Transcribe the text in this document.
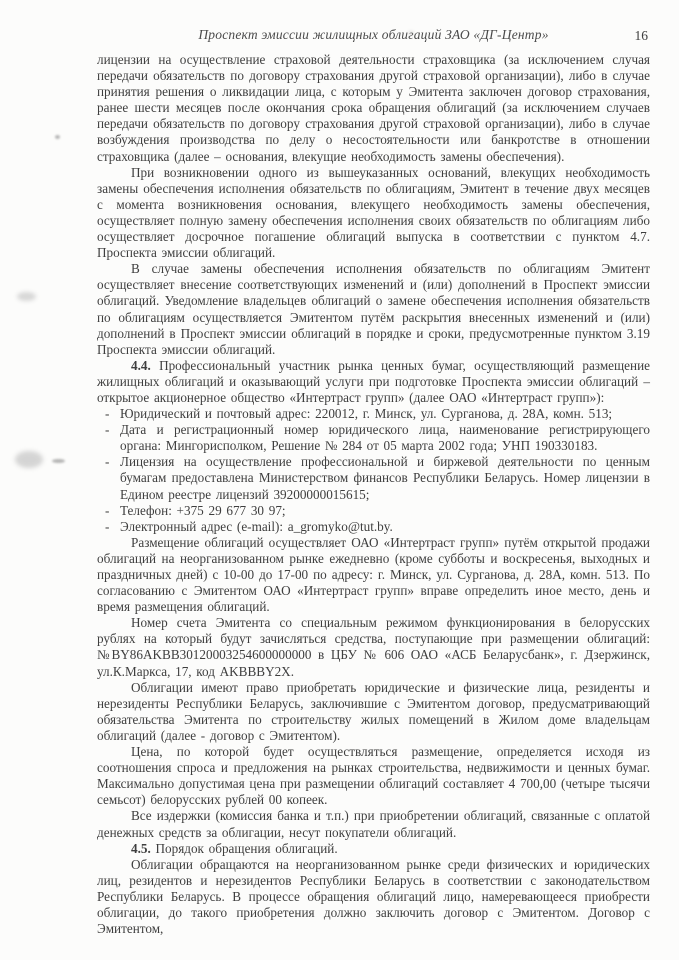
Проспект эмиссии жилищных облигаций ЗАО «ДГ-Центр»	16

лицензии на осуществление страховой деятельности страховщика (за исключением случая передачи обязательств по договору страхования другой страховой организации), либо в случае принятия решения о ликвидации лица, с которым у Эмитента заключен договор страхования, ранее шести месяцев после окончания срока обращения облигаций (за исключением случаев передачи обязательств по договору страхования другой страховой организации), либо в случае возбуждения производства по делу о несостоятельности или банкротстве в отношении страховщика (далее – основания, влекущие необходимость замены обеспечения).

При возникновении одного из вышеуказанных оснований, влекущих необходимость замены обеспечения исполнения обязательств по облигациям, Эмитент в течение двух месяцев с момента возникновения основания, влекущего необходимость замены обеспечения, осуществляет полную замену обеспечения исполнения своих обязательств по облигациям либо осуществляет досрочное погашение облигаций выпуска в соответствии с пунктом 4.7. Проспекта эмиссии облигаций.

В случае замены обеспечения исполнения обязательств по облигациям Эмитент осуществляет внесение соответствующих изменений и (или) дополнений в Проспект эмиссии облигаций. Уведомление владельцев облигаций о замене обеспечения исполнения обязательств по облигациям осуществляется Эмитентом путём раскрытия внесенных изменений и (или) дополнений в Проспект эмиссии облигаций в порядке и сроки, предусмотренные пунктом 3.19 Проспекта эмиссии облигаций.

4.4. Профессиональный участник рынка ценных бумаг, осуществляющий размещение жилищных облигаций и оказывающий услуги при подготовке Проспекта эмиссии облигаций – открытое акционерное общество «Интертраст групп» (далее ОАО «Интертраст групп»):

- Юридический и почтовый адрес: 220012, г. Минск, ул. Сурганова, д. 28А, комн. 513;
- Дата и регистрационный номер юридического лица, наименование регистрирующего органа: Мингорисполком, Решение № 284 от 05 марта 2002 года; УНП 190330183.
- Лицензия на осуществление профессиональной и биржевой деятельности по ценным бумагам предоставлена Министерством финансов Республики Беларусь. Номер лицензии в Едином реестре лицензий 39200000015615;
- Телефон: +375 29 677 30 97;
- Электронный адрес (e-mail): a_gromyko@tut.by.

Размещение облигаций осуществляет ОАО «Интертраст групп» путём открытой продажи облигаций на неорганизованном рынке ежедневно (кроме субботы и воскресенья, выходных и праздничных дней) с 10-00 до 17-00 по адресу: г. Минск, ул. Сурганова, д. 28А, комн. 513. По согласованию с Эмитентом ОАО «Интертраст групп» вправе определить иное место, день и время размещения облигаций.

Номер счета Эмитента со специальным режимом функционирования в белорусских рублях на который будут зачисляться средства, поступающие при размещении облигаций: №BY86AKBB30120003254600000000 в ЦБУ № 606 ОАО «АСБ Беларусбанк», г. Дзержинск, ул.К.Маркса, 17, код AKBBBY2X.

Облигации имеют право приобретать юридические и физические лица, резиденты и нерезиденты Республики Беларусь, заключившие с Эмитентом договор, предусматривающий обязательства Эмитента по строительству жилых помещений в Жилом доме владельцам облигаций (далее - договор с Эмитентом).

Цена, по которой будет осуществляться размещение, определяется исходя из соотношения спроса и предложения на рынках строительства, недвижимости и ценных бумаг. Максимально допустимая цена при размещении облигаций составляет 4 700,00 (четыре тысячи семьсот) белорусских рублей 00 копеек.

Все издержки (комиссия банка и т.п.) при приобретении облигаций, связанные с оплатой денежных средств за облигации, несут покупатели облигаций.

4.5. Порядок обращения облигаций.

Облигации обращаются на неорганизованном рынке среди физических и юридических лиц, резидентов и нерезидентов Республики Беларусь в соответствии с законодательством Республики Беларусь. В процессе обращения облигаций лицо, намеревающееся приобрести облигации, до такого приобретения должно заключить договор с Эмитентом. Договор с Эмитентом,
